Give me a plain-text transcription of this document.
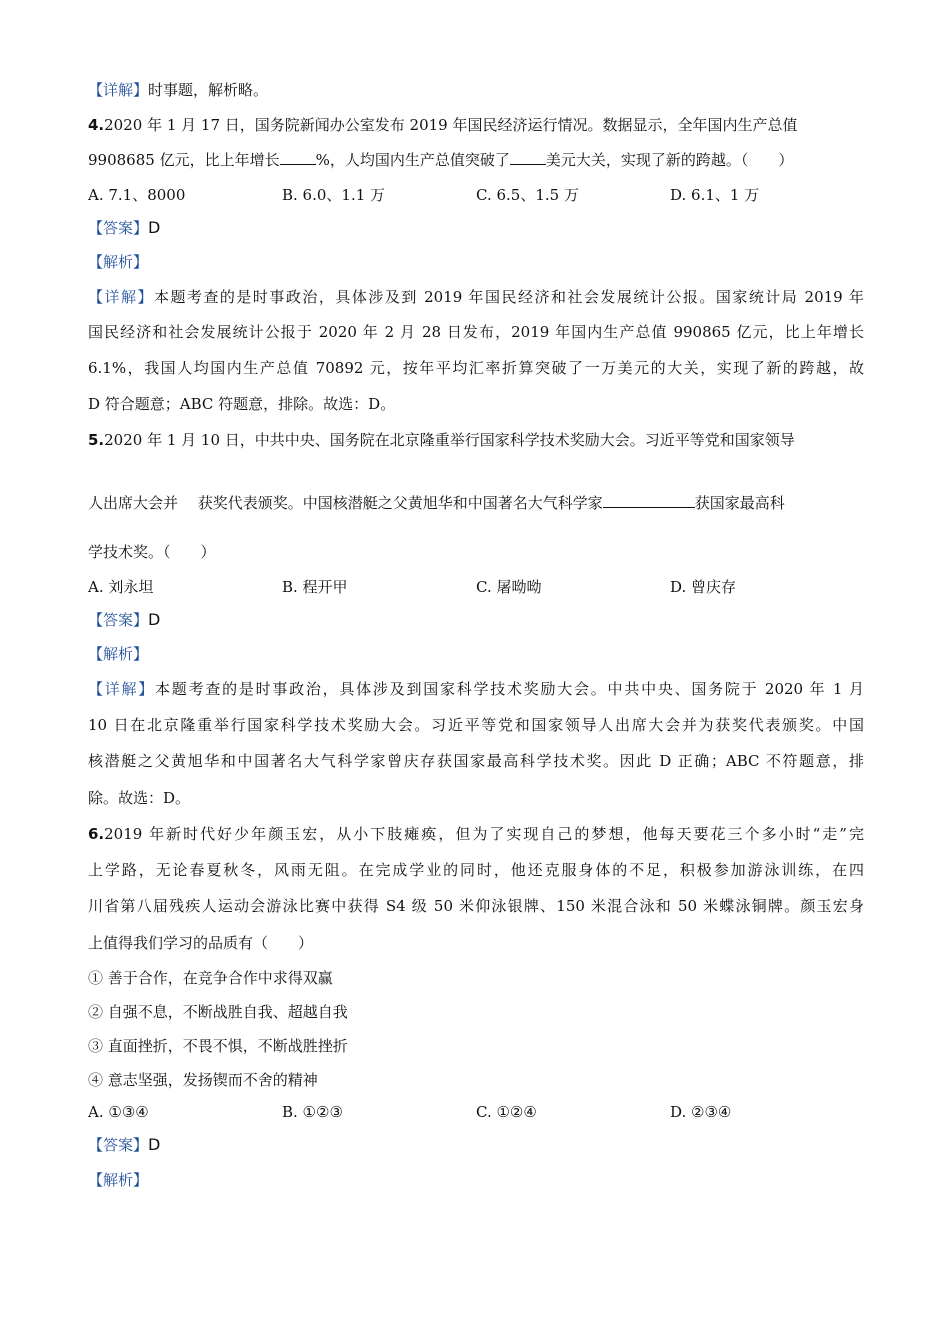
【详解】时事题，解析略。
4.2020 年 1 月 17 日，国务院新闻办公室发布 2019 年国民经济运行情况。数据显示，全年国内生产总值
9908685 亿元，比上年增长 %，人均国内生产总值突破了 美元大关，实现了新的跨越。（　　）
A. 7.1、8000	B. 6.0、1.1 万	C. 6.5、1.5 万	D. 6.1、1 万
【答案】D
【解析】
【详解】本题考查的是时事政治，具体涉及到 2019 年国民经济和社会发展统计公报。国家统计局 2019 年
国民经济和社会发展统计公报于 2020 年 2 月 28 日发布，2019 年国内生产总值 990865 亿元，比上年增长
6.1%，我国人均国内生产总值 70892 元，按年平均汇率折算突破了一万美元的大关，实现了新的跨越，故
D 符合题意；ABC 符题意，排除。故选：D。
5.2020 年 1 月 10 日，中共中央、国务院在北京隆重举行国家科学技术奖励大会。习近平等党和国家领导
人出席大会并　 获奖代表颁奖。中国核潜艇之父黄旭华和中国著名大气科学家	获国家最高科
学技术奖。（　　）
A. 刘永坦	B. 程开甲	C. 屠呦呦	D. 曾庆存
【答案】D
【解析】
【详解】本题考查的是时事政治，具体涉及到国家科学技术奖励大会。中共中央、国务院于 2020 年 1 月
10 日在北京隆重举行国家科学技术奖励大会。习近平等党和国家领导人出席大会并为获奖代表颁奖。中国
核潜艇之父黄旭华和中国著名大气科学家曾庆存获国家最高科学技术奖。因此 D 正确；ABC 不符题意，排
除。故选：D。
6.2019 年新时代好少年颜玉宏，从小下肢瘫痪，但为了实现自己的梦想，他每天要花三个多小时“走”完
上学路，无论春夏秋冬，风雨无阻。在完成学业的同时，他还克服身体的不足，积极参加游泳训练，在四
川省第八届残疾人运动会游泳比赛中获得 S4 级 50 米仰泳银牌、150 米混合泳和 50 米蝶泳铜牌。颜玉宏身
上值得我们学习的品质有（　　）
① 善于合作，在竞争合作中求得双赢
② 自强不息，不断战胜自我、超越自我
③ 直面挫折，不畏不惧，不断战胜挫折
④ 意志坚强，发扬锲而不舍的精神
A. ①③④	B. ①②③	C. ①②④	D. ②③④
【答案】D
【解析】
